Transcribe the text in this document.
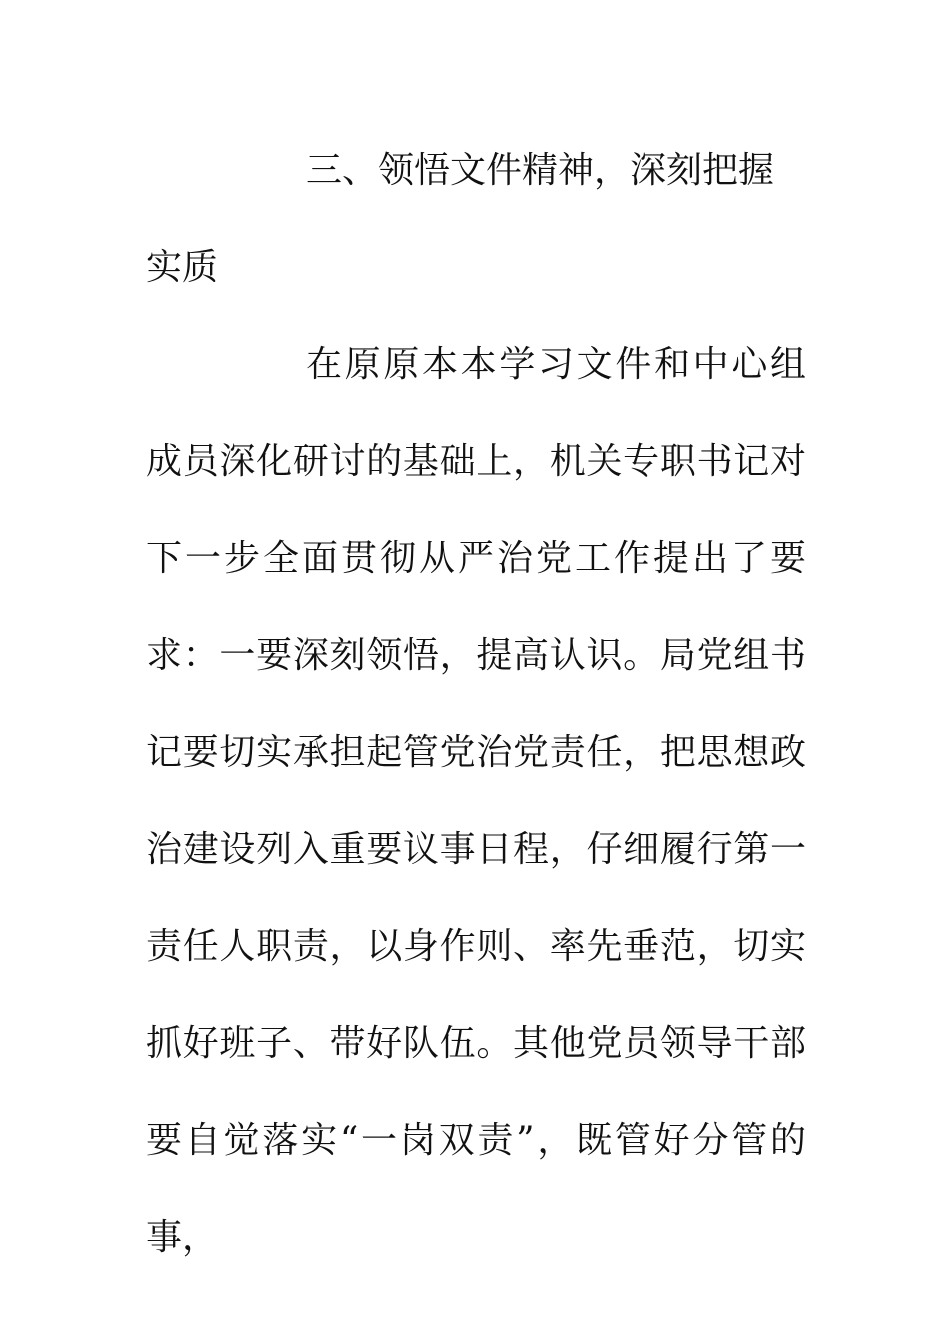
三、领悟文件精神，深刻把握实质

在原原本本学习文件和中心组成员深化研讨的基础上，机关专职书记对下一步全面贯彻从严治党工作提出了要求：一要深刻领悟，提高认识。局党组书记要切实承担起管党治党责任，把思想政治建设列入重要议事日程，仔细履行第一责任人职责，以身作则、率先垂范，切实抓好班子、带好队伍。其他党员领导干部要自觉落实“一岗双责”，既管好分管的事，
